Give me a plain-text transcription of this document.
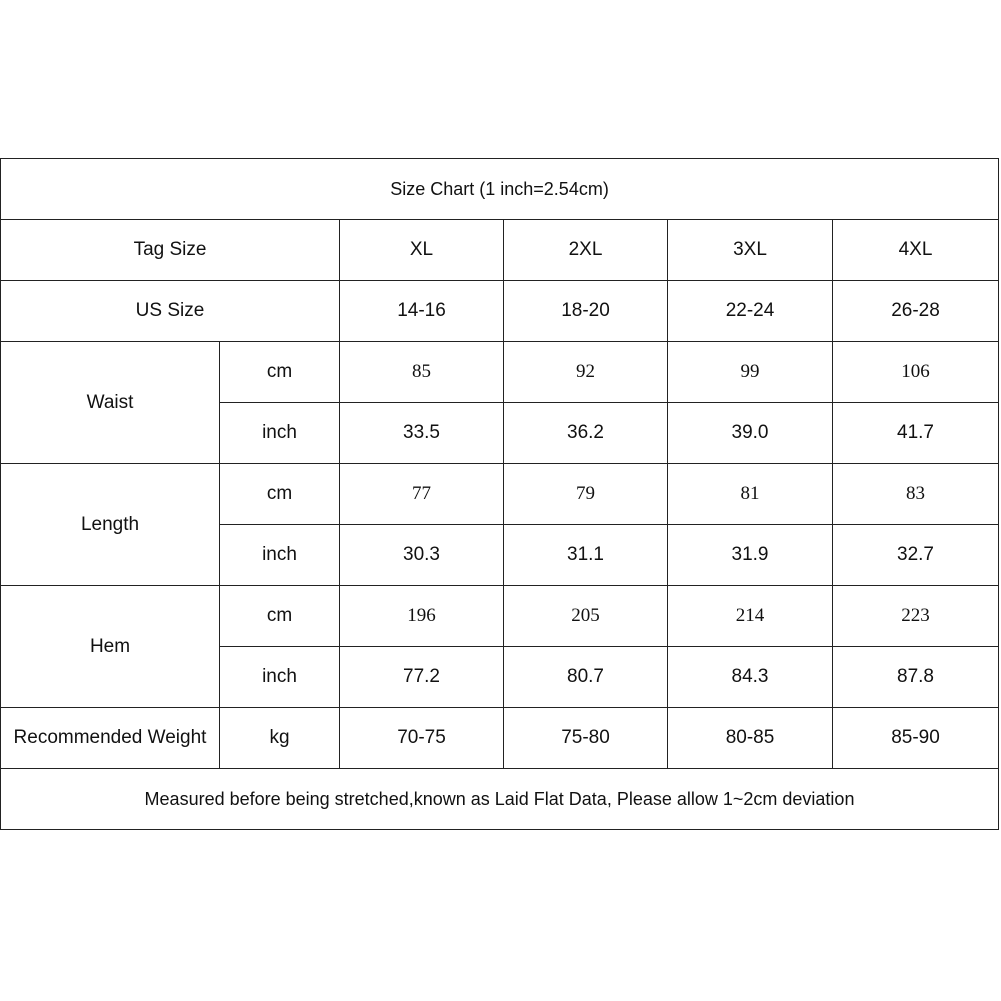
Size Chart (1 inch=2.54cm)					
Tag Size		XL	2XL	3XL	4XL
US Size		14-16	18-20	22-24	26-28
Waist	cm	85	92	99	106
	inch	33.5	36.2	39.0	41.7
Length	cm	77	79	81	83
	inch	30.3	31.1	31.9	32.7
Hem	cm	196	205	214	223
	inch	77.2	80.7	84.3	87.8
Recommended Weight	kg	70-75	75-80	80-85	85-90
Measured before being stretched,known as Laid Flat Data, Please allow 1~2cm deviation					
